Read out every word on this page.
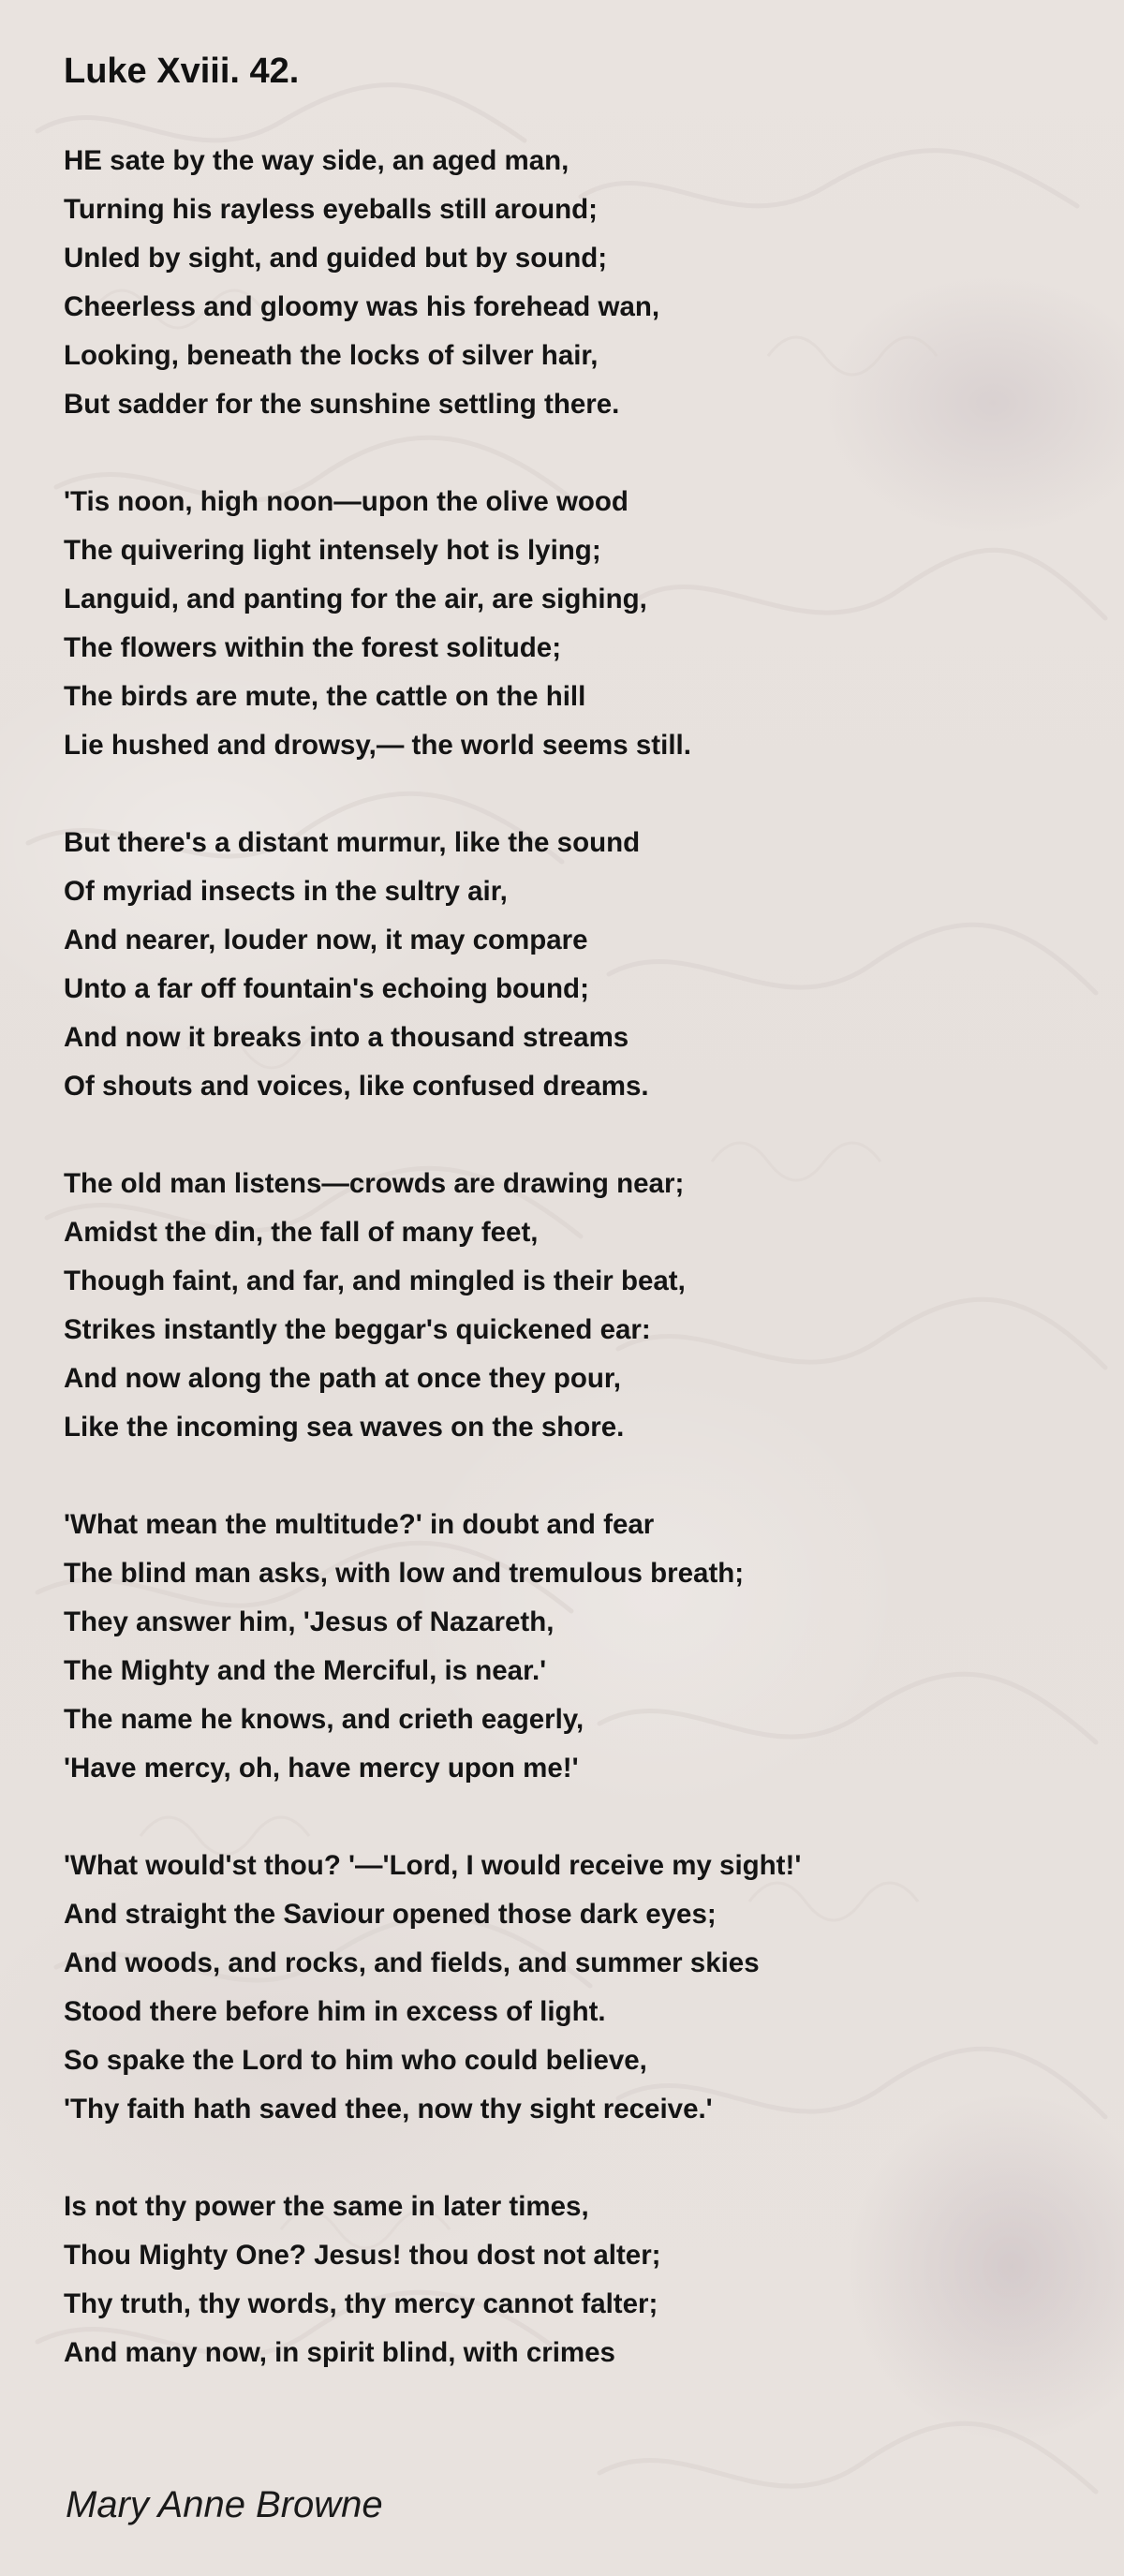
Luke Xviii. 42.
HE sate by the way side, an aged man,
Turning his rayless eyeballs still around;
Unled by sight, and guided but by sound;
Cheerless and gloomy was his forehead wan,
Looking, beneath the locks of silver hair,
But sadder for the sunshine settling there.
'Tis noon, high noon—upon the olive wood
The quivering light intensely hot is lying;
Languid, and panting for the air, are sighing,
The flowers within the forest solitude;
The birds are mute, the cattle on the hill
Lie hushed and drowsy,— the world seems still.
But there's a distant murmur, like the sound
Of myriad insects in the sultry air,
And nearer, louder now, it may compare
Unto a far off fountain's echoing bound;
And now it breaks into a thousand streams
Of shouts and voices, like confused dreams.
The old man listens—crowds are drawing near;
Amidst the din, the fall of many feet,
Though faint, and far, and mingled is their beat,
Strikes instantly the beggar's quickened ear:
And now along the path at once they pour,
Like the incoming sea waves on the shore.
'What mean the multitude?' in doubt and fear
The blind man asks, with low and tremulous breath;
They answer him, 'Jesus of Nazareth,
The Mighty and the Merciful, is near.'
The name he knows, and crieth eagerly,
'Have mercy, oh, have mercy upon me!'
'What would'st thou? '—'Lord, I would receive my sight!'
And straight the Saviour opened those dark eyes;
And woods, and rocks, and fields, and summer skies
Stood there before him in excess of light.
So spake the Lord to him who could believe,
'Thy faith hath saved thee, now thy sight receive.'
Is not thy power the same in later times,
Thou Mighty One? Jesus! thou dost not alter;
Thy truth, thy words, thy mercy cannot falter;
And many now, in spirit blind, with crimes
Mary Anne Browne
